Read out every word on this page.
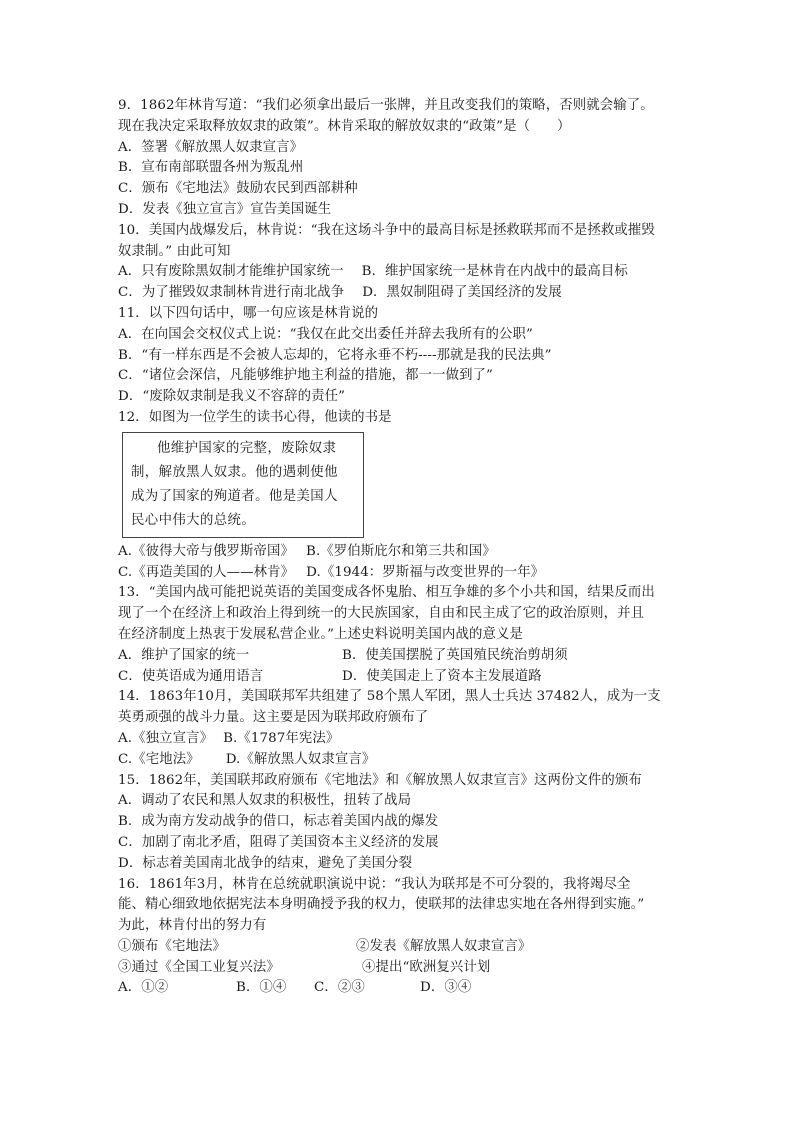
9．1862年林肯写道：“我们必须拿出最后一张牌，并且改变我们的策略，否则就会输了。
现在我决定采取释放奴隶的政策”。林肯采取的解放奴隶的“政策”是（　　）
A．签署《解放黑人奴隶宣言》
B．宣布南部联盟各州为叛乱州
C．颁布《宅地法》鼓励农民到西部耕种
D．发表《独立宣言》宣告美国诞生
10．美国内战爆发后，林肯说：“我在这场斗争中的最高目标是拯救联邦而不是拯救或摧毁
奴隶制。” 由此可知
A．只有废除黑奴制才能维护国家统一 B．维护国家统一是林肯在内战中的最高目标
C．为了摧毁奴隶制林肯进行南北战争 D．黑奴制阻碍了美国经济的发展
11．以下四句话中，哪一句应该是林肯说的
A．在向国会交权仪式上说：“我仅在此交出委任并辞去我所有的公职”
B．“有一样东西是不会被人忘却的，它将永垂不朽----那就是我的民法典”
C．“诸位会深信，凡能够维护地主利益的措施，都一一做到了”
D．“废除奴隶制是我义不容辞的责任”
12．如图为一位学生的读书心得，他读的书是
他维护国家的完整，废除奴隶
制，解放黑人奴隶。他的遇刺使他
成为了国家的殉道者。他是美国人
民心中伟大的总统。
A.《彼得大帝与俄罗斯帝国》 B.《罗伯斯庇尔和第三共和国》
C.《再造美国的人——林肯》 D.《1944：罗斯福与改变世界的一年》
13．“美国内战可能把说英语的美国变成各怀鬼胎、相互争雄的多个小共和国，结果反而出
现了一个在经济上和政治上得到统一的大民族国家，自由和民主成了它的政治原则，并且
在经济制度上热衷于发展私营企业。”上述史料说明美国内战的意义是
A．维护了国家的统一	B．使美国摆脱了英国殖民统治剪胡须
C．使英语成为通用语言	D．使美国走上了资本主发展道路
14．1863年10月，美国联邦军共组建了 58个黑人军团，黑人士兵达 37482人，成为一支
英勇顽强的战斗力量。这主要是因为联邦政府颁布了
A.《独立宣言》 B.《1787年宪法》
C.《宅地法》 D.《解放黑人奴隶宣言》
15．1862年，美国联邦政府颁布《宅地法》和《解放黑人奴隶宣言》这两份文件的颁布
A．调动了农民和黑人奴隶的积极性，扭转了战局
B．成为南方发动战争的借口，标志着美国内战的爆发
C．加剧了南北矛盾，阻碍了美国资本主义经济的发展
D．标志着美国南北战争的结束，避免了美国分裂
16．1861年3月，林肯在总统就职演说中说：“我认为联邦是不可分裂的，我将竭尽全
能、精心细致地依据宪法本身明确授予我的权力，使联邦的法律忠实地在各州得到实施。”
为此，林肯付出的努力有
①颁布《宅地法》	②发表《解放黑人奴隶宣言》
③通过《全国工业复兴法》	④提出“欧洲复兴计划
A．①②	B．①④ C．②③	D．③④
